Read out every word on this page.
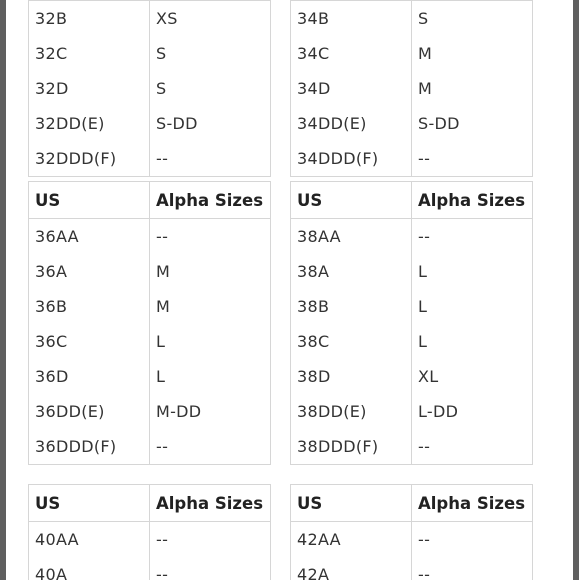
32B	XS
32C	S
32D	S
32DD(E)	S-DD
32DDD(F)	--

34B	S
34C	M
34D	M
34DD(E)	S-DD
34DDD(F)	--
US	Alpha Sizes
36AA	--
36A	M
36B	M
36C	L
36D	L
36DD(E)	M-DD
36DDD(F)	--
US	Alpha Sizes
38AA	--
38A	L
38B	L
38C	L
38D	XL
38DD(E)	L-DD
38DDD(F)	--
US	Alpha Sizes
40AA	--
40A	--
US	Alpha Sizes
42AA	--
42A	--
